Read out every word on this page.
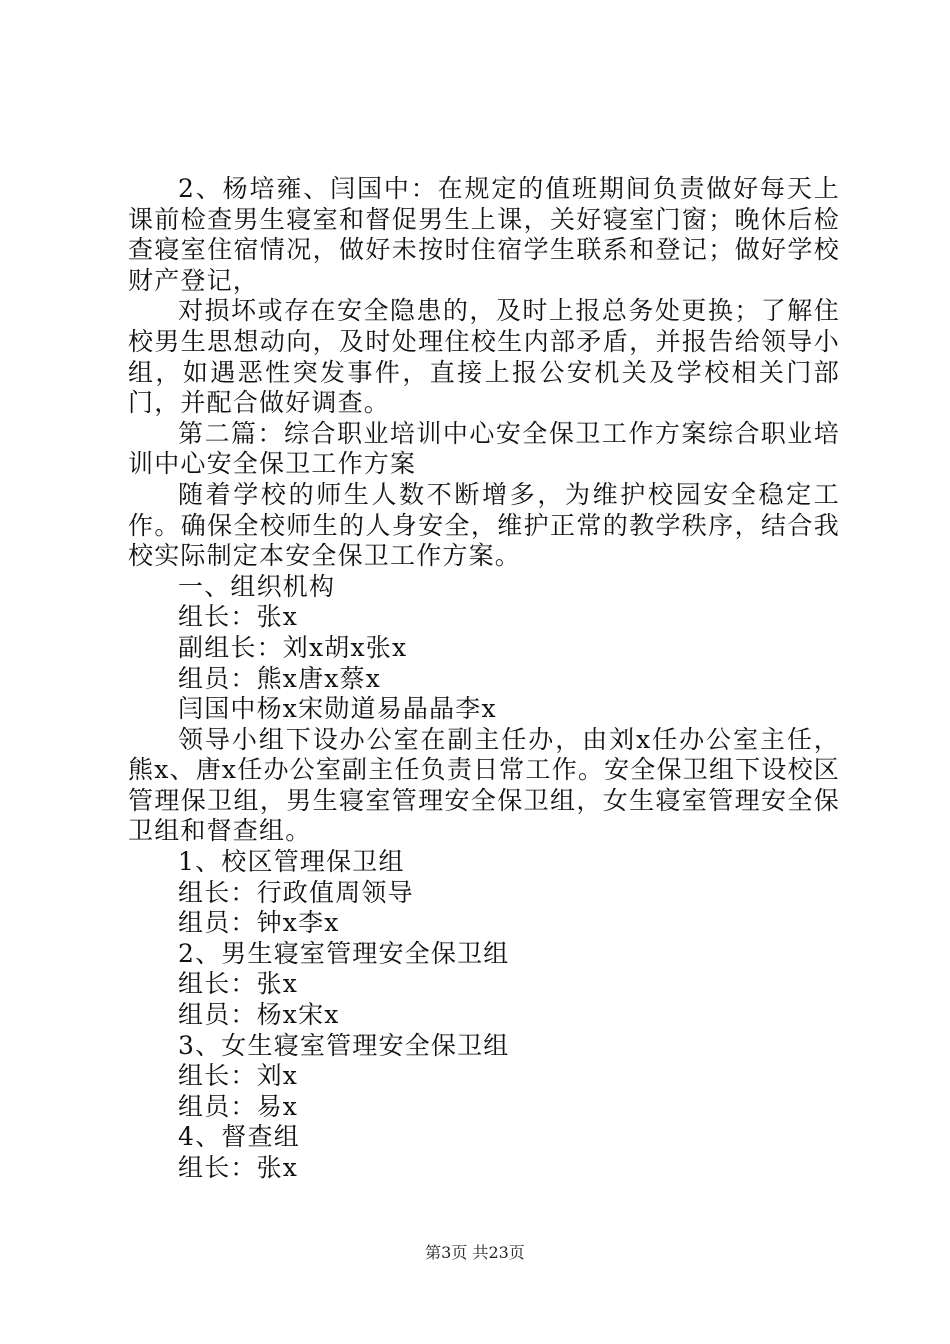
2、杨培雍、闫国中：在规定的值班期间负责做好每天上课前检查男生寝室和督促男生上课，关好寝室门窗；晚休后检查寝室住宿情况，做好未按时住宿学生联系和登记；做好学校财产登记，

对损坏或存在安全隐患的，及时上报总务处更换；了解住校男生思想动向，及时处理住校生内部矛盾，并报告给领导小组，如遇恶性突发事件，直接上报公安机关及学校相关门部门，并配合做好调查。

第二篇：综合职业培训中心安全保卫工作方案综合职业培训中心安全保卫工作方案

随着学校的师生人数不断增多，为维护校园安全稳定工作。确保全校师生的人身安全，维护正常的教学秩序，结合我校实际制定本安全保卫工作方案。

一、组织机构

组长：张x

副组长：刘x胡x张x

组员：熊x唐x蔡x

闫国中杨x宋勋道易晶晶李x

领导小组下设办公室在副主任办，由刘x任办公室主任，熊x、唐x任办公室副主任负责日常工作。安全保卫组下设校区管理保卫组，男生寝室管理安全保卫组，女生寝室管理安全保卫组和督查组。

1、校区管理保卫组

组长：行政值周领导

组员：钟x李x

2、男生寝室管理安全保卫组

组长：张x

组员：杨x宋x

3、女生寝室管理安全保卫组

组长：刘x

组员：易x

4、督查组

组长：张x

第3页 共23页
